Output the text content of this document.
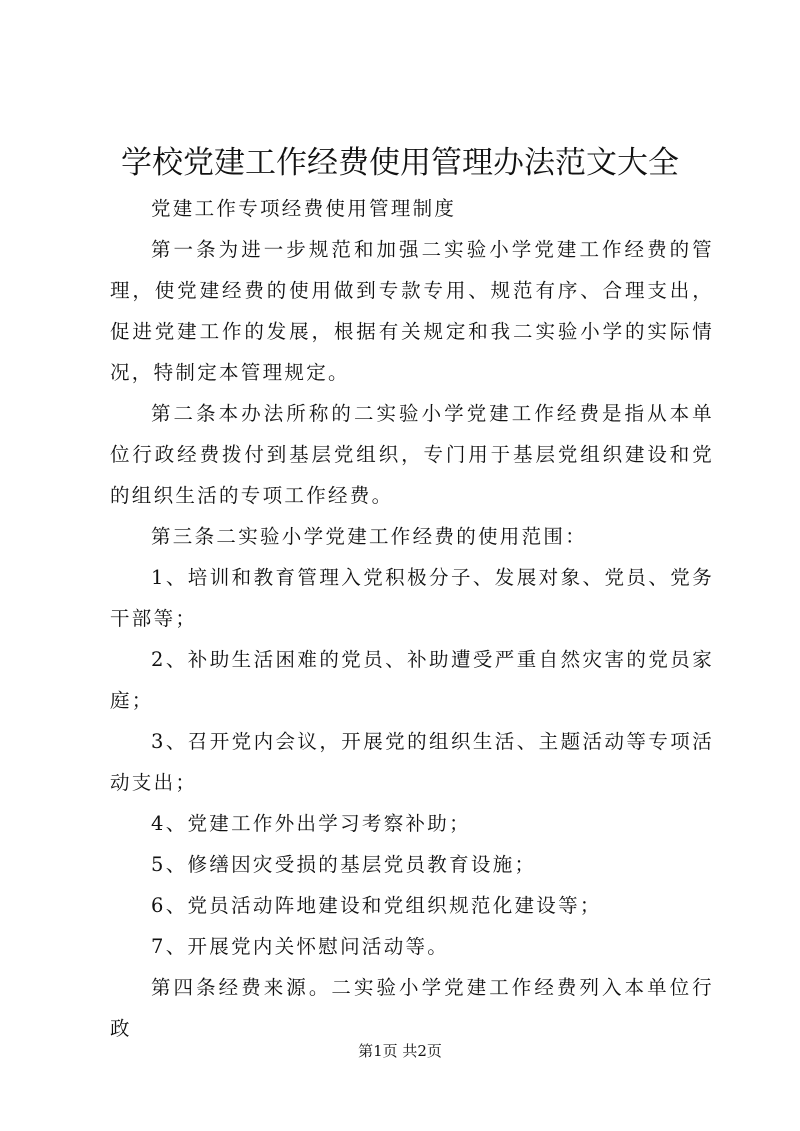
学校党建工作经费使用管理办法范文大全

党建工作专项经费使用管理制度

第一条为进一步规范和加强二实验小学党建工作经费的管理，使党建经费的使用做到专款专用、规范有序、合理支出，促进党建工作的发展，根据有关规定和我二实验小学的实际情况，特制定本管理规定。

第二条本办法所称的二实验小学党建工作经费是指从本单位行政经费拨付到基层党组织，专门用于基层党组织建设和党的组织生活的专项工作经费。

第三条二实验小学党建工作经费的使用范围：

1、培训和教育管理入党积极分子、发展对象、党员、党务干部等；

2、补助生活困难的党员、补助遭受严重自然灾害的党员家庭；

3、召开党内会议，开展党的组织生活、主题活动等专项活动支出；

4、党建工作外出学习考察补助；

5、修缮因灾受损的基层党员教育设施；

6、党员活动阵地建设和党组织规范化建设等；

7、开展党内关怀慰问活动等。

第四条经费来源。二实验小学党建工作经费列入本单位行政

第1页 共2页
